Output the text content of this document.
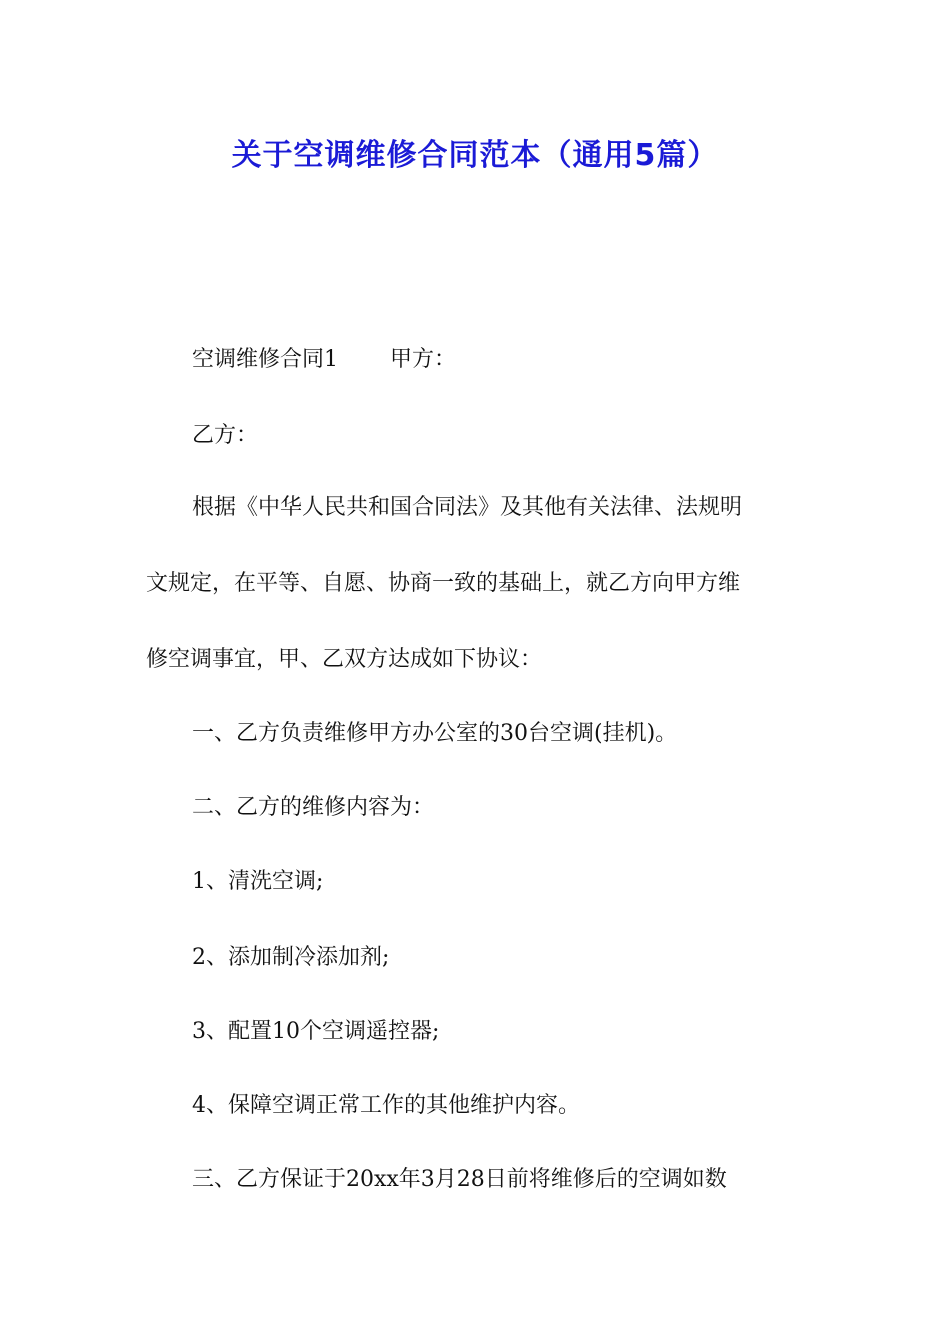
关于空调维修合同范本（通用5篇）

空调维修合同1 甲方：

乙方：

根据《中华人民共和国合同法》及其他有关法律、法规明

文规定，在平等、自愿、协商一致的基础上，就乙方向甲方维

修空调事宜，甲、乙双方达成如下协议：

一、乙方负责维修甲方办公室的30台空调(挂机)。

二、乙方的维修内容为：

1、清洗空调;

2、添加制冷添加剂;

3、配置10个空调遥控器;

4、保障空调正常工作的其他维护内容。

三、乙方保证于20xx年3月28日前将维修后的空调如数
